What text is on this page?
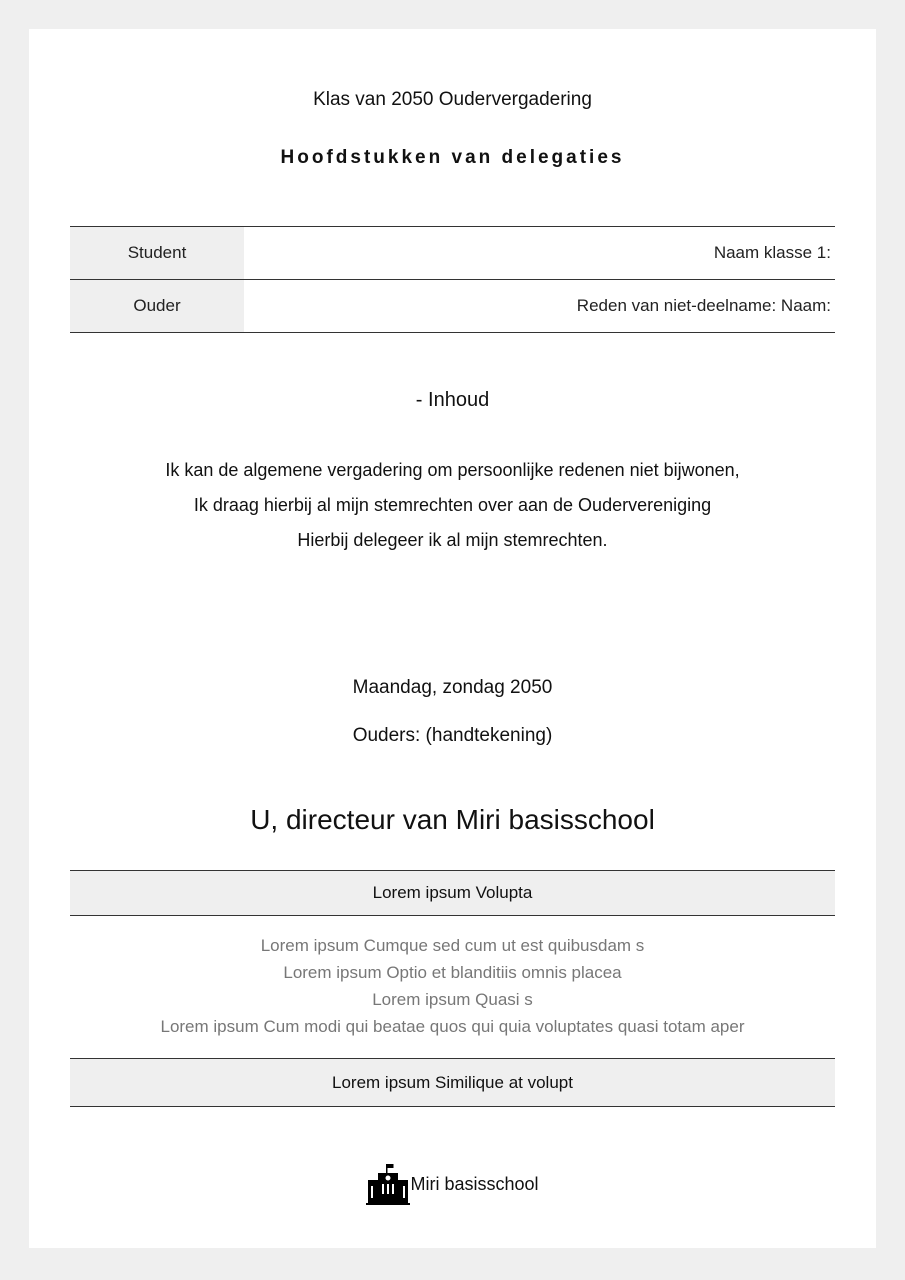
Klas van 2050 Oudervergadering
Hoofdstukken van delegaties
Student	Naam klasse 1:
Ouder	Reden van niet-deelname: Naam:
- Inhoud
Ik kan de algemene vergadering om persoonlijke redenen niet bijwonen,
Ik draag hierbij al mijn stemrechten over aan de Oudervereniging
Hierbij delegeer ik al mijn stemrechten.
Maandag, zondag 2050
Ouders: (handtekening)
U, directeur van Miri basisschool
Lorem ipsum Volupta
Lorem ipsum Cumque sed cum ut est quibusdam s
Lorem ipsum Optio et blanditiis omnis placea
Lorem ipsum Quasi s
Lorem ipsum Cum modi qui beatae quos qui quia voluptates quasi totam aper
Lorem ipsum Similique at volupt
Miri basisschool
